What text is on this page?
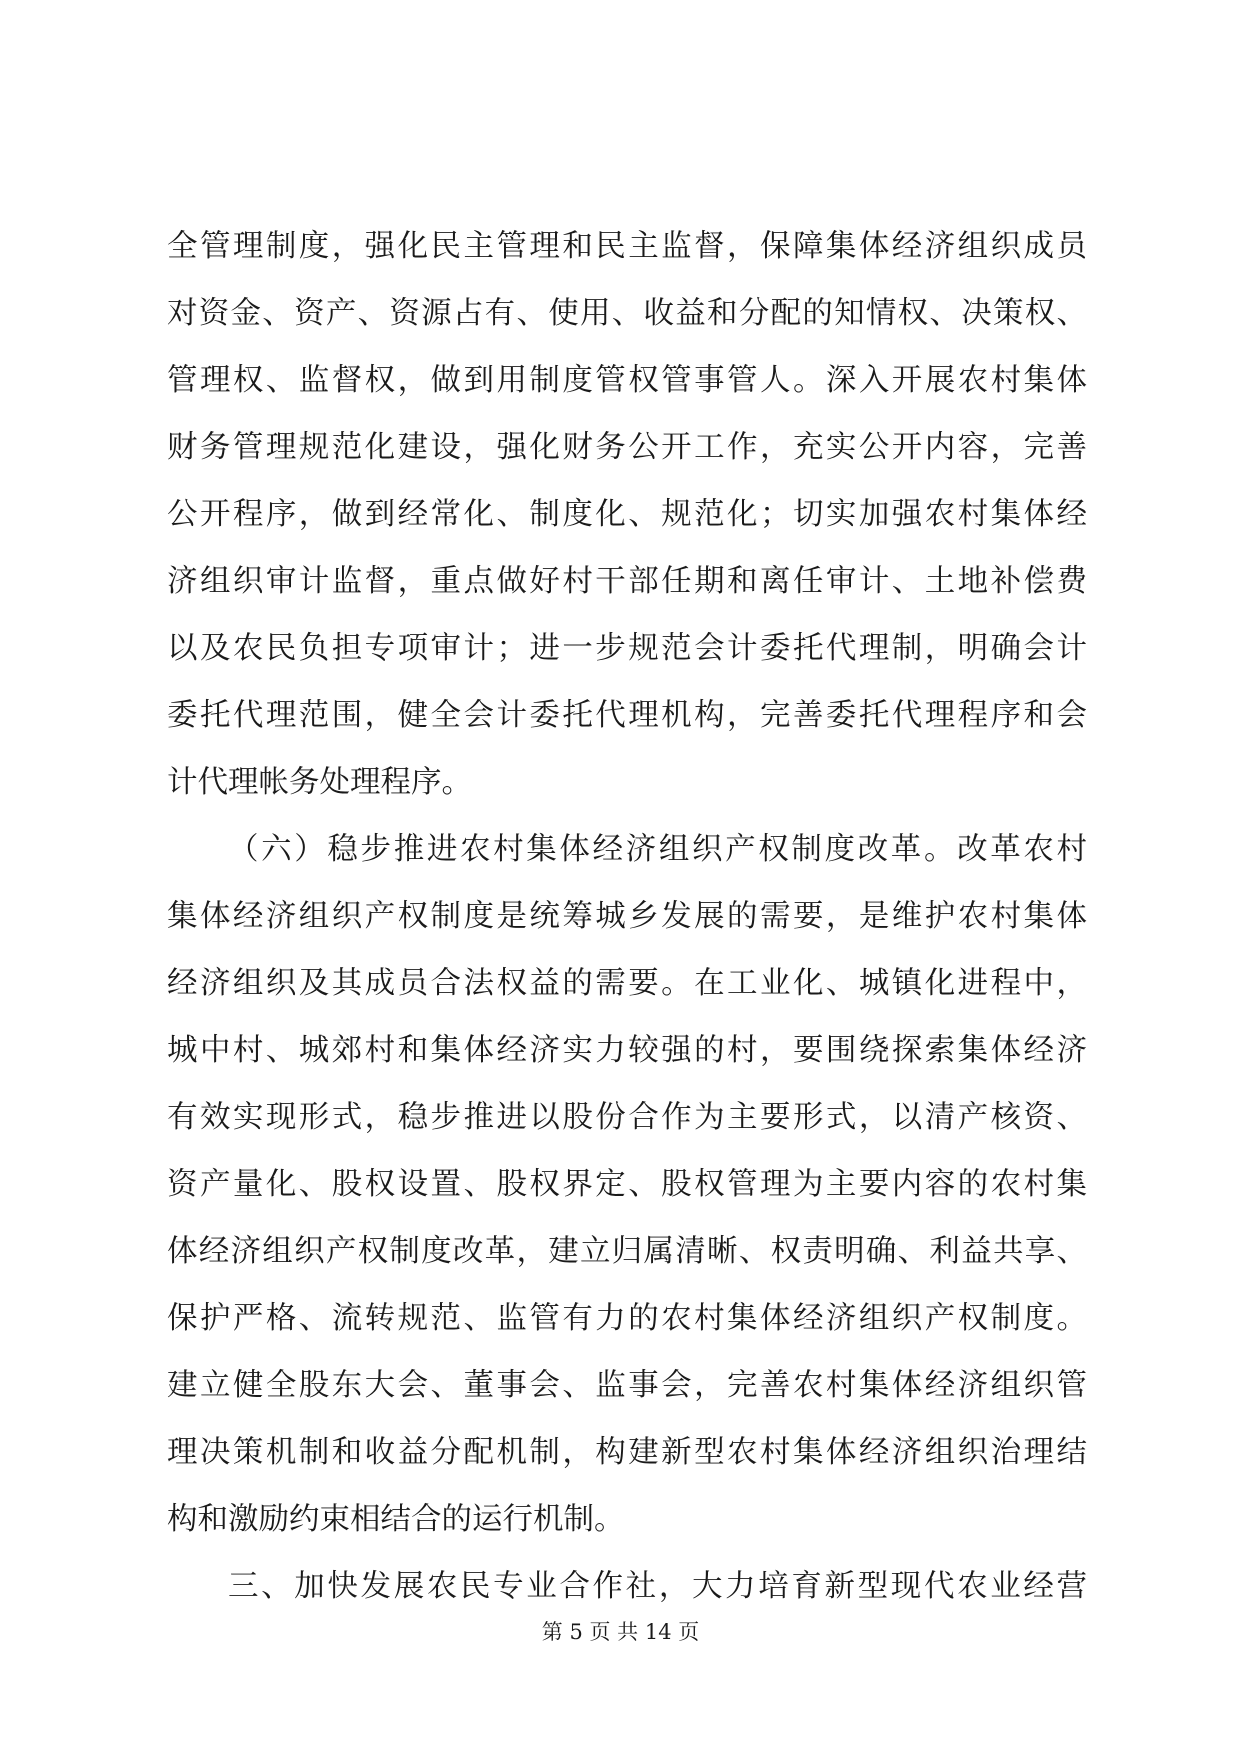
全管理制度，强化民主管理和民主监督，保障集体经济组织成员
对资金、资产、资源占有、使用、收益和分配的知情权、决策权、
管理权、监督权，做到用制度管权管事管人。深入开展农村集体
财务管理规范化建设，强化财务公开工作，充实公开内容，完善
公开程序，做到经常化、制度化、规范化；切实加强农村集体经
济组织审计监督，重点做好村干部任期和离任审计、土地补偿费
以及农民负担专项审计；进一步规范会计委托代理制，明确会计
委托代理范围，健全会计委托代理机构，完善委托代理程序和会
计代理帐务处理程序。
（六）稳步推进农村集体经济组织产权制度改革。改革农村
集体经济组织产权制度是统筹城乡发展的需要，是维护农村集体
经济组织及其成员合法权益的需要。在工业化、城镇化进程中，
城中村、城郊村和集体经济实力较强的村，要围绕探索集体经济
有效实现形式，稳步推进以股份合作为主要形式，以清产核资、
资产量化、股权设置、股权界定、股权管理为主要内容的农村集
体经济组织产权制度改革，建立归属清晰、权责明确、利益共享、
保护严格、流转规范、监管有力的农村集体经济组织产权制度。
建立健全股东大会、董事会、监事会，完善农村集体经济组织管
理决策机制和收益分配机制，构建新型农村集体经济组织治理结
构和激励约束相结合的运行机制。
三、加快发展农民专业合作社，大力培育新型现代农业经营
第 5 页 共 14 页
